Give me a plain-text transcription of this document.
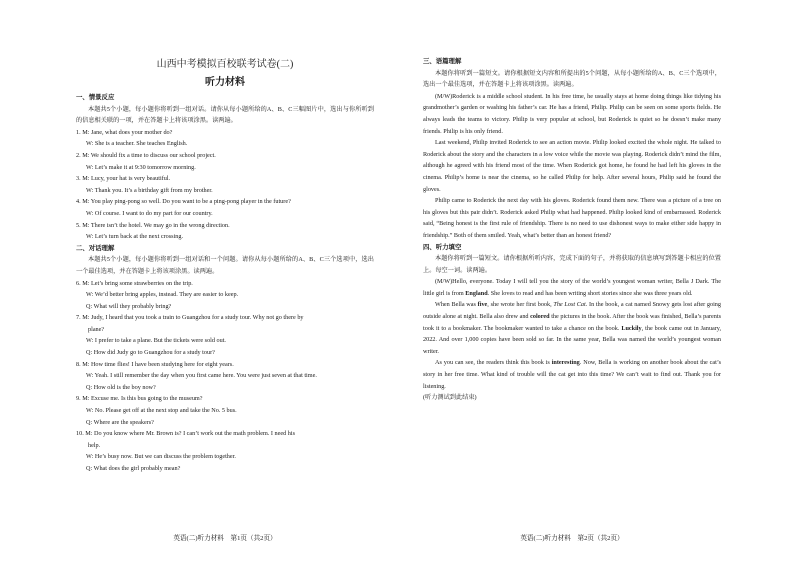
山西中考模拟百校联考试卷(二)
听力材料

一、情景反应

本题共5个小题，每小题你将听到一组对话。请你从每小题所给的A、B、C三幅图片中，选出与你所听到的信息相关联的一项，并在答题卡上将该项涂黑。读两遍。

1. M: Jane, what does your mother do?

W: She is a teacher. She teaches English.

2. M: We should fix a time to discuss our school project.

W: Let’s make it at 9:30 tomorrow morning.

3. M: Lucy, your hat is very beautiful.

W: Thank you. It’s a birthday gift from my brother.

4. M: You play ping-pong so well. Do you want to be a ping-pong player in the future?

W: Of course. I want to do my part for our country.

5. M: There isn’t the hotel. We may go in the wrong direction.

W: Let’s turn back at the next crossing.

二、对话理解

本题共5个小题，每小题你将听到一组对话和一个问题。请你从每小题所给的A、B、C三个选项中，选出一个最佳选项，并在答题卡上将该项涂黑。读两遍。

6. M: Let’s bring some strawberries on the trip.

W: We’d better bring apples, instead. They are easier to keep.

Q: What will they probably bring?

7. M: Judy, I heard that you took a train to Guangzhou for a study tour. Why not go there by

plane?

W: I prefer to take a plane. But the tickets were sold out.

Q: How did Judy go to Guangzhou for a study tour?

8. M: How time flies! I have been studying here for eight years.

W: Yeah. I still remember the day when you first came here. You were just seven at that time.

Q: How old is the boy now?

9. M: Excuse me. Is this bus going to the museum?

W: No. Please get off at the next stop and take the No. 5 bus.

Q: Where are the speakers?

10. M: Do you know where Mr. Brown is? I can’t work out the math problem. I need his

help.

W: He’s busy now. But we can discuss the problem together.

Q: What does the girl probably mean?

英语(二)听力材料　第1页（共2页）

三、语篇理解

本题你将听到一篇短文。请你根据短文内容和所提出的5个问题，从每小题所给的A、B、C三个选项中，选出一个最佳选项，并在答题卡上将该项涂黑。读两遍。

(M/W)Roderick is a middle school student. In his free time, he usually stays at home doing things like tidying his grandmother’s garden or washing his father’s car. He has a friend, Philip. Philip can be seen on some sports fields. He always leads the teams to victory. Philip is very popular at school, but Roderick is quiet so he doesn’t make many friends. Philip is his only friend.

Last weekend, Philip invited Roderick to see an action movie. Philip looked excited the whole night. He talked to Roderick about the story and the characters in a low voice while the movie was playing. Roderick didn’t mind the film, although he agreed with his friend most of the time. When Roderick got home, he found he had left his gloves in the cinema. Philip’s home is near the cinema, so he called Philip for help. After several hours, Philip said he found the gloves.

Philip came to Roderick the next day with his gloves. Roderick found them new. There was a picture of a tree on his gloves but this pair didn’t. Roderick asked Philip what had happened. Philip looked kind of embarrassed. Roderick said, “Being honest is the first rule of friendship. There is no need to use dishonest ways to make either side happy in friendship.” Both of them smiled. Yeah, what’s better than an honest friend?

四、听力填空

本题你将听到一篇短文。请你根据所听内容，完成下面的句子，并将获取的信息填写到答题卡相应的位置上。每空一词。读两遍。

(M/W)Hello, everyone. Today I will tell you the story of the world’s youngest woman writer, Bella J Dark. The little girl is from England. She loves to read and has been writing short stories since she was three years old.

When Bella was five, she wrote her first book, The Lost Cat. In the book, a cat named Snowy gets lost after going outside alone at night. Bella also drew and colored the pictures in the book. After the book was finished, Bella’s parents took it to a bookmaker. The bookmaker wanted to take a chance on the book. Luckily, the book came out in January, 2022. And over 1,000 copies have been sold so far. In the same year, Bella was named the world’s youngest woman writer.

As you can see, the readers think this book is interesting. Now, Bella is working on another book about the cat’s story in her free time. What kind of trouble will the cat get into this time? We can’t wait to find out. Thank you for listening.

(听力测试到此结束)

英语(二)听力材料　第2页（共2页）
